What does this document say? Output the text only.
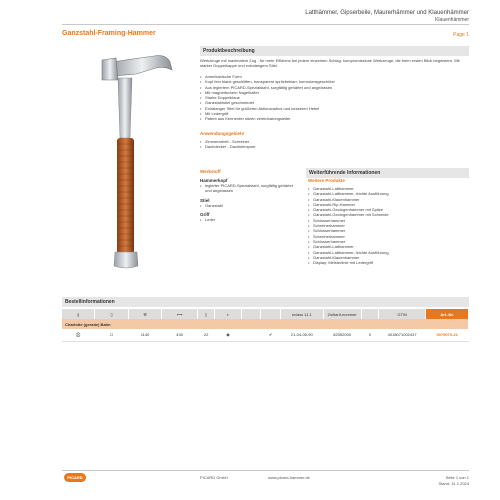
Latthämmer, Gipserbeile, Maurerhämmer und Klauenhämmer
Klauenhämmer
Ganzstahl-Framing-Hammer	Page 1
Produktbeschreibung
Werkzeuge mit maximalem Zug - für mehr Effizienz bei jedem einzelnen Schlag: kompromisslose Werkzeuge, die beim ersten Blick begeistern. Mit starker Doppelkappe und extralangem Stiel.
• Amerikanische Form
• Kopf fein blank geschliffen, transparent spritzbeklarr, korrosionsgeschützt
• Aus legiertem PICARD-Spezialstahl, sorgfältig gehärtet und angelassen
• Mit magnetischem Nagelhalter
• Starke Doppelklaue
• Ganzstahlstiel geschmiedet
• Extralanger Stiel für größeren Aktionsradius und besseren Hebel
• Mit Ledergriff
• Patent aus Kennerder sitzen vereinbarungsleiter
Anwendungsgebiete
• Zimmerarbeit - Schreiner
• Dachdecker - Dachklempner
Werkstoff
Hammerkopf
• legierter PICARD-Spezialstahl, sorgfältig gehärtet und angelassen
Stiel
• Ganzstahl
Griff
• Leder
Weiterführende Informationen
Weitere Produkte
• Ganzstahl-Latthammer
• Ganzstahl-Latthammer, leichte Ausführung
• Ganzstahl-Klauenhammer
• Ganzstahl-Rip-Hammer
• Ganzstahl-Geologenhammer mit Spitze
• Ganzstahl-Geologenhammer mit Schneide
• Schlosserhammer
• Schreinerhammer
• Schlosserhammer
• Schreinerhammer
• Schlosserhammer
• Ganzstahl-Latthammer
• Ganzstahl-Latthammer, leichte Ausführung
• Ganzstahl-Klauenhammer
• Display: Meisterlinie mit Ledergriff
Bestellinformationen
§	▯	⚒	⟷	▯	◐			eclass 11.1	Zolltarif-nummer		GTIN	Art.-Nr.
Charlotte (gerade) Bahn												
⛒	☐	1140	430	22	◉		✔	21-04-05-90	82052000	0	4018071002437	0079070-22
PICARD	PICARD GmbH	www.picard-hammer.de	Seite 1 von 1
Stand: 31.1.2024
